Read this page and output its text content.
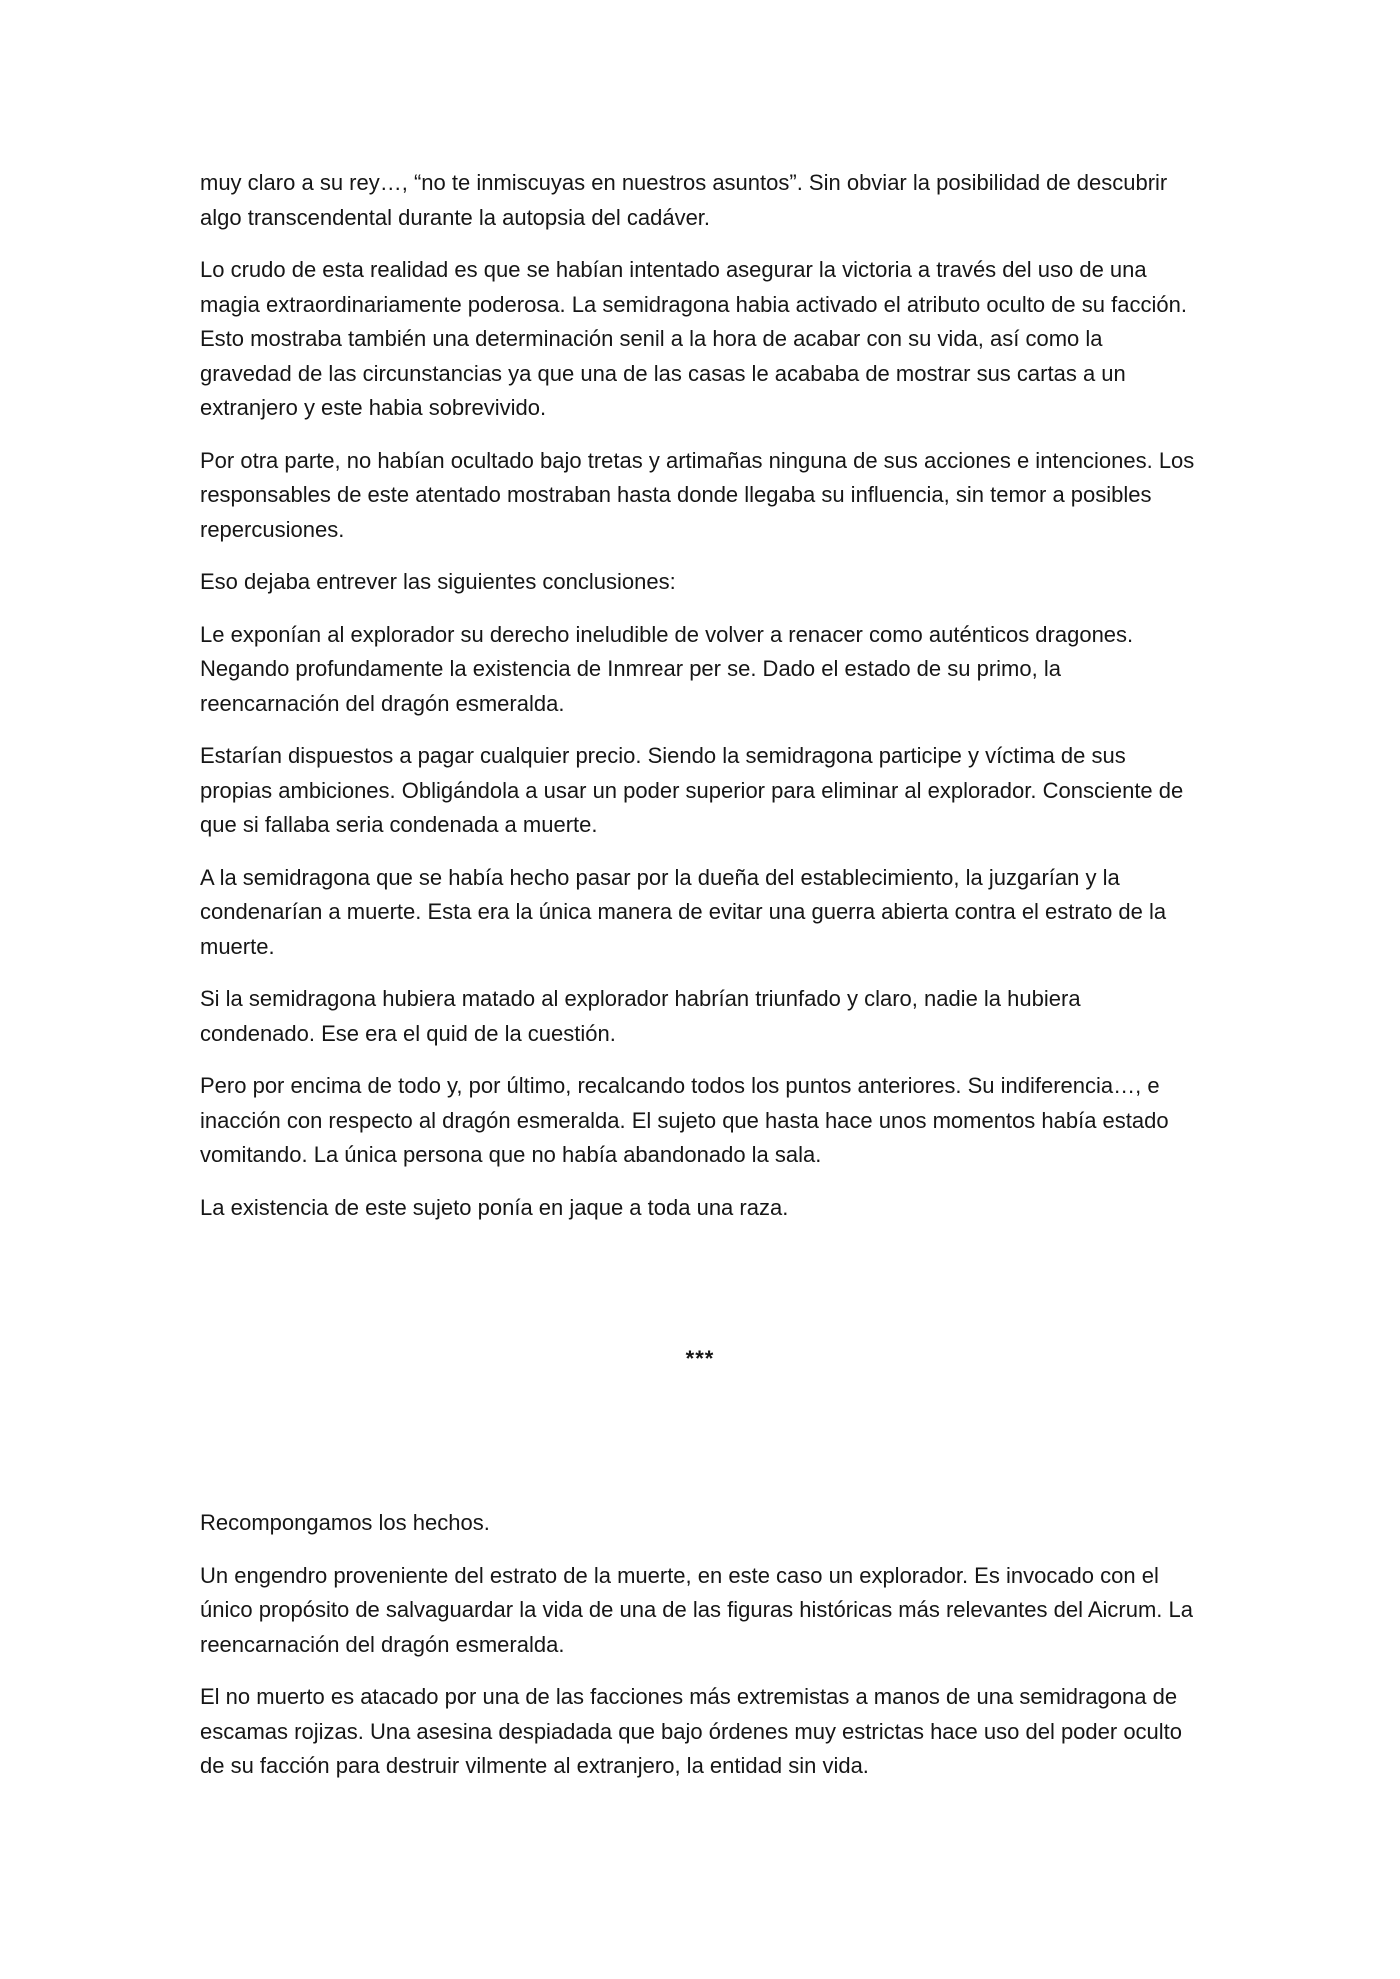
muy claro a su rey…, “no te inmiscuyas en nuestros asuntos”. Sin obviar la posibilidad de descubrir algo transcendental durante la autopsia del cadáver.

Lo crudo de esta realidad es que se habían intentado asegurar la victoria a través del uso de una magia extraordinariamente poderosa. La semidragona habia activado el atributo oculto de su facción. Esto mostraba también una determinación senil a la hora de acabar con su vida, así como la gravedad de las circunstancias ya que una de las casas le acababa de mostrar sus cartas a un extranjero y este habia sobrevivido.

Por otra parte, no habían ocultado bajo tretas y artimañas ninguna de sus acciones e intenciones. Los responsables de este atentado mostraban hasta donde llegaba su influencia, sin temor a posibles repercusiones.

Eso dejaba entrever las siguientes conclusiones:

Le exponían al explorador su derecho ineludible de volver a renacer como auténticos dragones. Negando profundamente la existencia de Inmrear per se. Dado el estado de su primo, la reencarnación del dragón esmeralda.

Estarían dispuestos a pagar cualquier precio. Siendo la semidragona participe y víctima de sus propias ambiciones. Obligándola a usar un poder superior para eliminar al explorador. Consciente de que si fallaba seria condenada a muerte.

A la semidragona que se había hecho pasar por la dueña del establecimiento, la juzgarían y la condenarían a muerte. Esta era la única manera de evitar una guerra abierta contra el estrato de la muerte.

Si la semidragona hubiera matado al explorador habrían triunfado y claro, nadie la hubiera condenado. Ese era el quid de la cuestión.

Pero por encima de todo y, por último, recalcando todos los puntos anteriores. Su indiferencia…, e inacción con respecto al dragón esmeralda. El sujeto que hasta hace unos momentos había estado vomitando. La única persona que no había abandonado la sala.

La existencia de este sujeto ponía en jaque a toda una raza.

***

Recompongamos los hechos.

Un engendro proveniente del estrato de la muerte, en este caso un explorador. Es invocado con el único propósito de salvaguardar la vida de una de las figuras históricas más relevantes del Aicrum. La reencarnación del dragón esmeralda.

El no muerto es atacado por una de las facciones más extremistas a manos de una semidragona de escamas rojizas. Una asesina despiadada que bajo órdenes muy estrictas hace uso del poder oculto de su facción para destruir vilmente al extranjero, la entidad sin vida.
